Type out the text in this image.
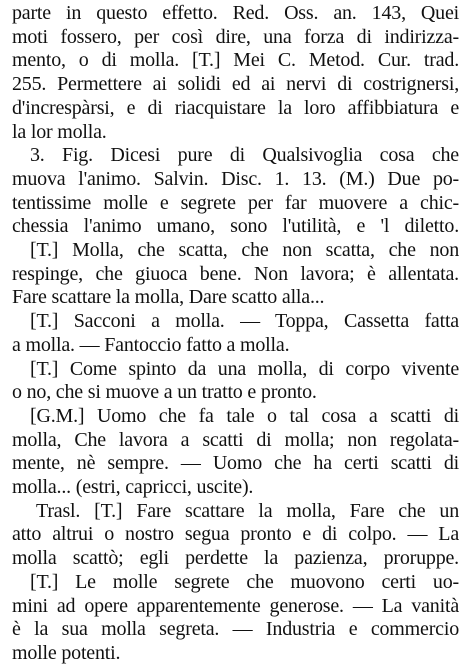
parte in questo effetto. Red. Oss. an. 143, Quei
moti fossero, per così dire, una forza di indirizza-
mento, o di molla. [T.] Mei C. Metod. Cur. trad.
255. Permettere ai solidi ed ai nervi di costrignersi,
d'increspàrsi, e di riacquistare la loro affibbiatura e
la lor molla.
3. Fig. Dicesi pure di Qualsivoglia cosa che
muova l'animo. Salvin. Disc. 1. 13. (M.) Due po-
tentissime molle e segrete per far muovere a chic-
chessia l'animo umano, sono l'utilità, e 'l diletto.
[T.] Molla, che scatta, che non scatta, che non
respinge, che giuoca bene. Non lavora; è allentata.
Fare scattare la molla, Dare scatto alla...
[T.] Sacconi a molla. — Toppa, Cassetta fatta
a molla. — Fantoccio fatto a molla.
[T.] Come spinto da una molla, di corpo vivente
o no, che si muove a un tratto e pronto.
[G.M.] Uomo che fa tale o tal cosa a scatti di
molla, Che lavora a scatti di molla; non regolata-
mente, nè sempre. — Uomo che ha certi scatti di
molla... (estri, capricci, uscite).
Trasl. [T.] Fare scattare la molla, Fare che un
atto altrui o nostro segua pronto e di colpo. — La
molla scattò; egli perdette la pazienza, proruppe.
[T.] Le molle segrete che muovono certi uo-
mini ad opere apparentemente generose. — La vanità
è la sua molla segreta. — Industria e commercio
molle potenti.
